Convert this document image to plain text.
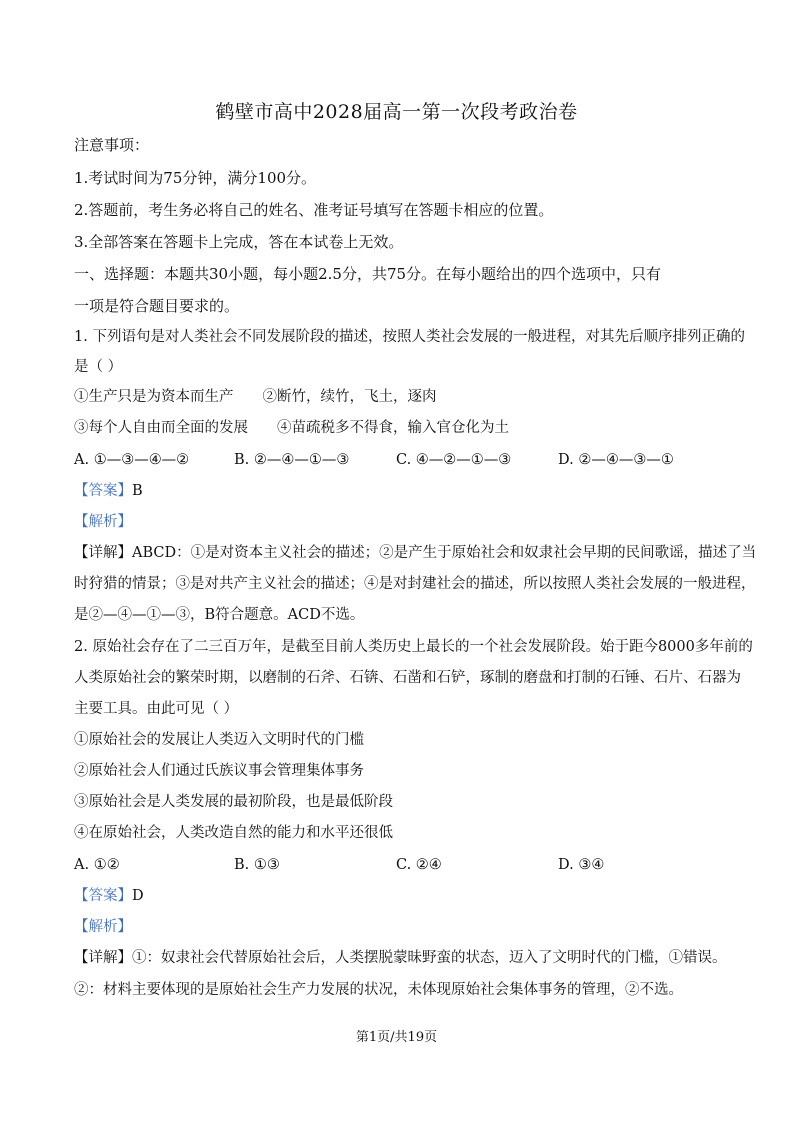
鹤壁市高中2028届高一第一次段考政治卷
注意事项：
1.考试时间为75分钟，满分100分。
2.答题前，考生务必将自己的姓名、准考证号填写在答题卡相应的位置。
3.全部答案在答题卡上完成，答在本试卷上无效。
一、选择题：本题共30小题，每小题2.5分，共75分。在每小题给出的四个选项中，只有
一项是符合题目要求的。
1. 下列语句是对人类社会不同发展阶段的描述，按照人类社会发展的一般进程，对其先后顺序排列正确的
是（ ）
①生产只是为资本而生产　　②断竹，续竹，飞土，逐肉
③每个人自由而全面的发展　　④苗疏税多不得食，输入官仓化为土
A. ①—③—④—②	B. ②—④—①—③	C. ④—②—①—③	D. ②—④—③—①
【答案】B
【解析】
【详解】ABCD：①是对资本主义社会的描述；②是产生于原始社会和奴隶社会早期的民间歌谣，描述了当
时狩猎的情景；③是对共产主义社会的描述；④是对封建社会的描述，所以按照人类社会发展的一般进程，
是②—④—①—③，B符合题意。ACD不选。
2. 原始社会存在了二三百万年，是截至目前人类历史上最长的一个社会发展阶段。始于距今8000多年前的
人类原始社会的繁荣时期，以磨制的石斧、石锛、石凿和石铲，琢制的磨盘和打制的石锤、石片、石器为
主要工具。由此可见（ ）
①原始社会的发展让人类迈入文明时代的门槛
②原始社会人们通过氏族议事会管理集体事务
③原始社会是人类发展的最初阶段，也是最低阶段
④在原始社会，人类改造自然的能力和水平还很低
A. ①②	B. ①③	C. ②④	D. ③④
【答案】D
【解析】
【详解】①：奴隶社会代替原始社会后，人类摆脱蒙昧野蛮的状态，迈入了文明时代的门槛，①错误。
②：材料主要体现的是原始社会生产力发展的状况，未体现原始社会集体事务的管理，②不选。
第1页/共19页
